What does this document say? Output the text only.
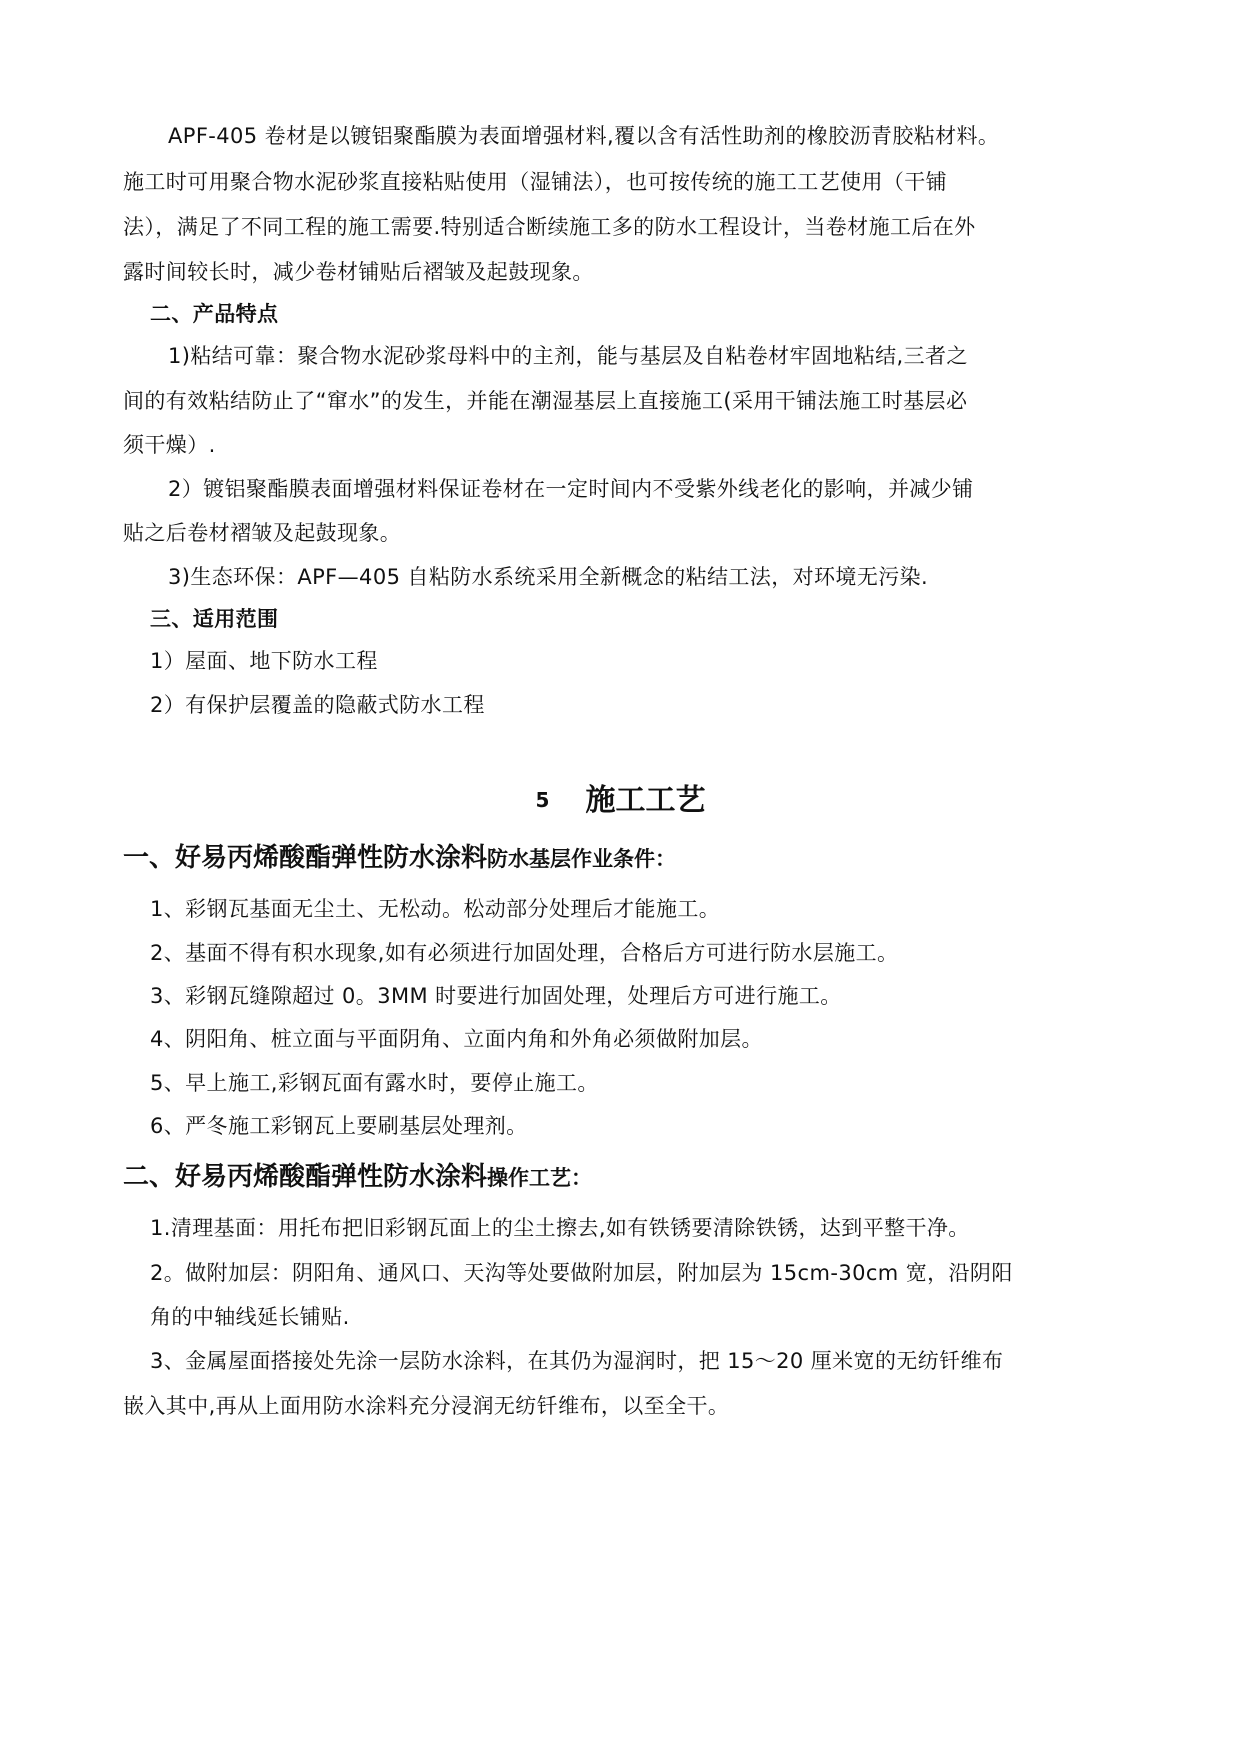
APF-405 卷材是以镀铝聚酯膜为表面增强材料,覆以含有活性助剂的橡胶沥青胶粘材料。
施工时可用聚合物水泥砂浆直接粘贴使用（湿铺法），也可按传统的施工工艺使用（干铺
法），满足了不同工程的施工需要.特别适合断续施工多的防水工程设计，当卷材施工后在外
露时间较长时，减少卷材铺贴后褶皱及起鼓现象。
二、产品特点
1)粘结可靠：聚合物水泥砂浆母料中的主剂，能与基层及自粘卷材牢固地粘结,三者之
间的有效粘结防止了“窜水”的发生，并能在潮湿基层上直接施工(采用干铺法施工时基层必
须干燥）.
2）镀铝聚酯膜表面增强材料保证卷材在一定时间内不受紫外线老化的影响，并减少铺
贴之后卷材褶皱及起鼓现象。
3)生态环保：APF—405 自粘防水系统采用全新概念的粘结工法，对环境无污染.
三、适用范围
1）屋面、地下防水工程
2）有保护层覆盖的隐蔽式防水工程
5 施工工艺
一、好易丙烯酸酯弹性防水涂料防水基层作业条件：
1、彩钢瓦基面无尘土、无松动。松动部分处理后才能施工。
2、基面不得有积水现象,如有必须进行加固处理，合格后方可进行防水层施工。
3、彩钢瓦缝隙超过 0。3MM 时要进行加固处理，处理后方可进行施工。
4、阴阳角、桩立面与平面阴角、立面内角和外角必须做附加层。
5、早上施工,彩钢瓦面有露水时，要停止施工。
6、严冬施工彩钢瓦上要刷基层处理剂。
二、好易丙烯酸酯弹性防水涂料操作工艺：
1.清理基面：用托布把旧彩钢瓦面上的尘土擦去,如有铁锈要清除铁锈，达到平整干净。
2。做附加层：阴阳角、通风口、天沟等处要做附加层，附加层为 15cm-30cm 宽，沿阴阳
角的中轴线延长铺贴.
3、金属屋面搭接处先涂一层防水涂料，在其仍为湿润时，把 15～20 厘米宽的无纺钎维布
嵌入其中,再从上面用防水涂料充分浸润无纺钎维布，以至全干。
